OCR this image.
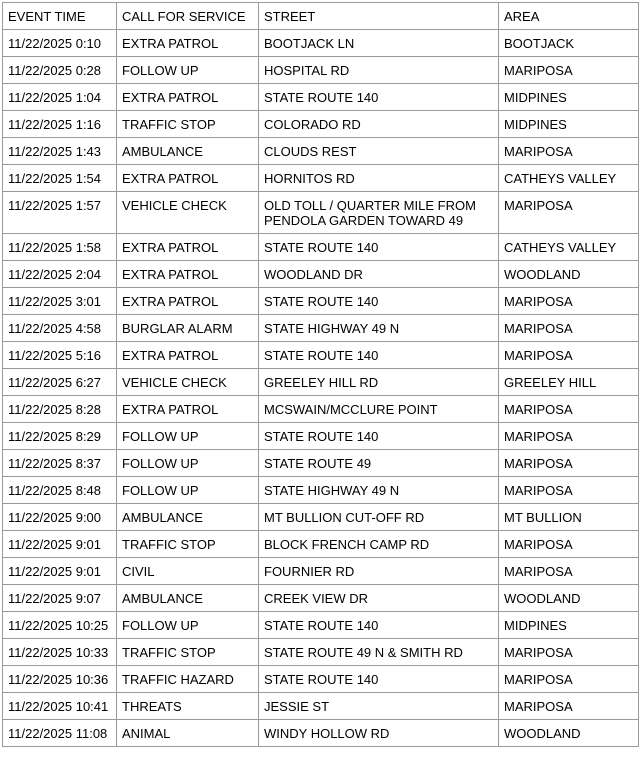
EVENT TIME	CALL FOR SERVICE	STREET	AREA
11/22/2025 0:10	EXTRA PATROL	BOOTJACK LN	BOOTJACK
11/22/2025 0:28	FOLLOW UP	HOSPITAL RD	MARIPOSA
11/22/2025 1:04	EXTRA PATROL	STATE ROUTE 140	MIDPINES
11/22/2025 1:16	TRAFFIC STOP	COLORADO RD	MIDPINES
11/22/2025 1:43	AMBULANCE	CLOUDS REST	MARIPOSA
11/22/2025 1:54	EXTRA PATROL	HORNITOS RD	CATHEYS VALLEY
11/22/2025 1:57	VEHICLE CHECK	OLD TOLL / QUARTER MILE FROM PENDOLA GARDEN TOWARD 49	MARIPOSA
11/22/2025 1:58	EXTRA PATROL	STATE ROUTE 140	CATHEYS VALLEY
11/22/2025 2:04	EXTRA PATROL	WOODLAND DR	WOODLAND
11/22/2025 3:01	EXTRA PATROL	STATE ROUTE 140	MARIPOSA
11/22/2025 4:58	BURGLAR ALARM	STATE HIGHWAY 49 N	MARIPOSA
11/22/2025 5:16	EXTRA PATROL	STATE ROUTE 140	MARIPOSA
11/22/2025 6:27	VEHICLE CHECK	GREELEY HILL RD	GREELEY HILL
11/22/2025 8:28	EXTRA PATROL	MCSWAIN/MCCLURE POINT	MARIPOSA
11/22/2025 8:29	FOLLOW UP	STATE ROUTE 140	MARIPOSA
11/22/2025 8:37	FOLLOW UP	STATE ROUTE 49	MARIPOSA
11/22/2025 8:48	FOLLOW UP	STATE HIGHWAY 49 N	MARIPOSA
11/22/2025 9:00	AMBULANCE	MT BULLION CUT-OFF RD	MT BULLION
11/22/2025 9:01	TRAFFIC STOP	BLOCK FRENCH CAMP RD	MARIPOSA
11/22/2025 9:01	CIVIL	FOURNIER RD	MARIPOSA
11/22/2025 9:07	AMBULANCE	CREEK VIEW DR	WOODLAND
11/22/2025 10:25	FOLLOW UP	STATE ROUTE 140	MIDPINES
11/22/2025 10:33	TRAFFIC STOP	STATE ROUTE 49 N & SMITH RD	MARIPOSA
11/22/2025 10:36	TRAFFIC HAZARD	STATE ROUTE 140	MARIPOSA
11/22/2025 10:41	THREATS	JESSIE ST	MARIPOSA
11/22/2025 11:08	ANIMAL	WINDY HOLLOW RD	WOODLAND
